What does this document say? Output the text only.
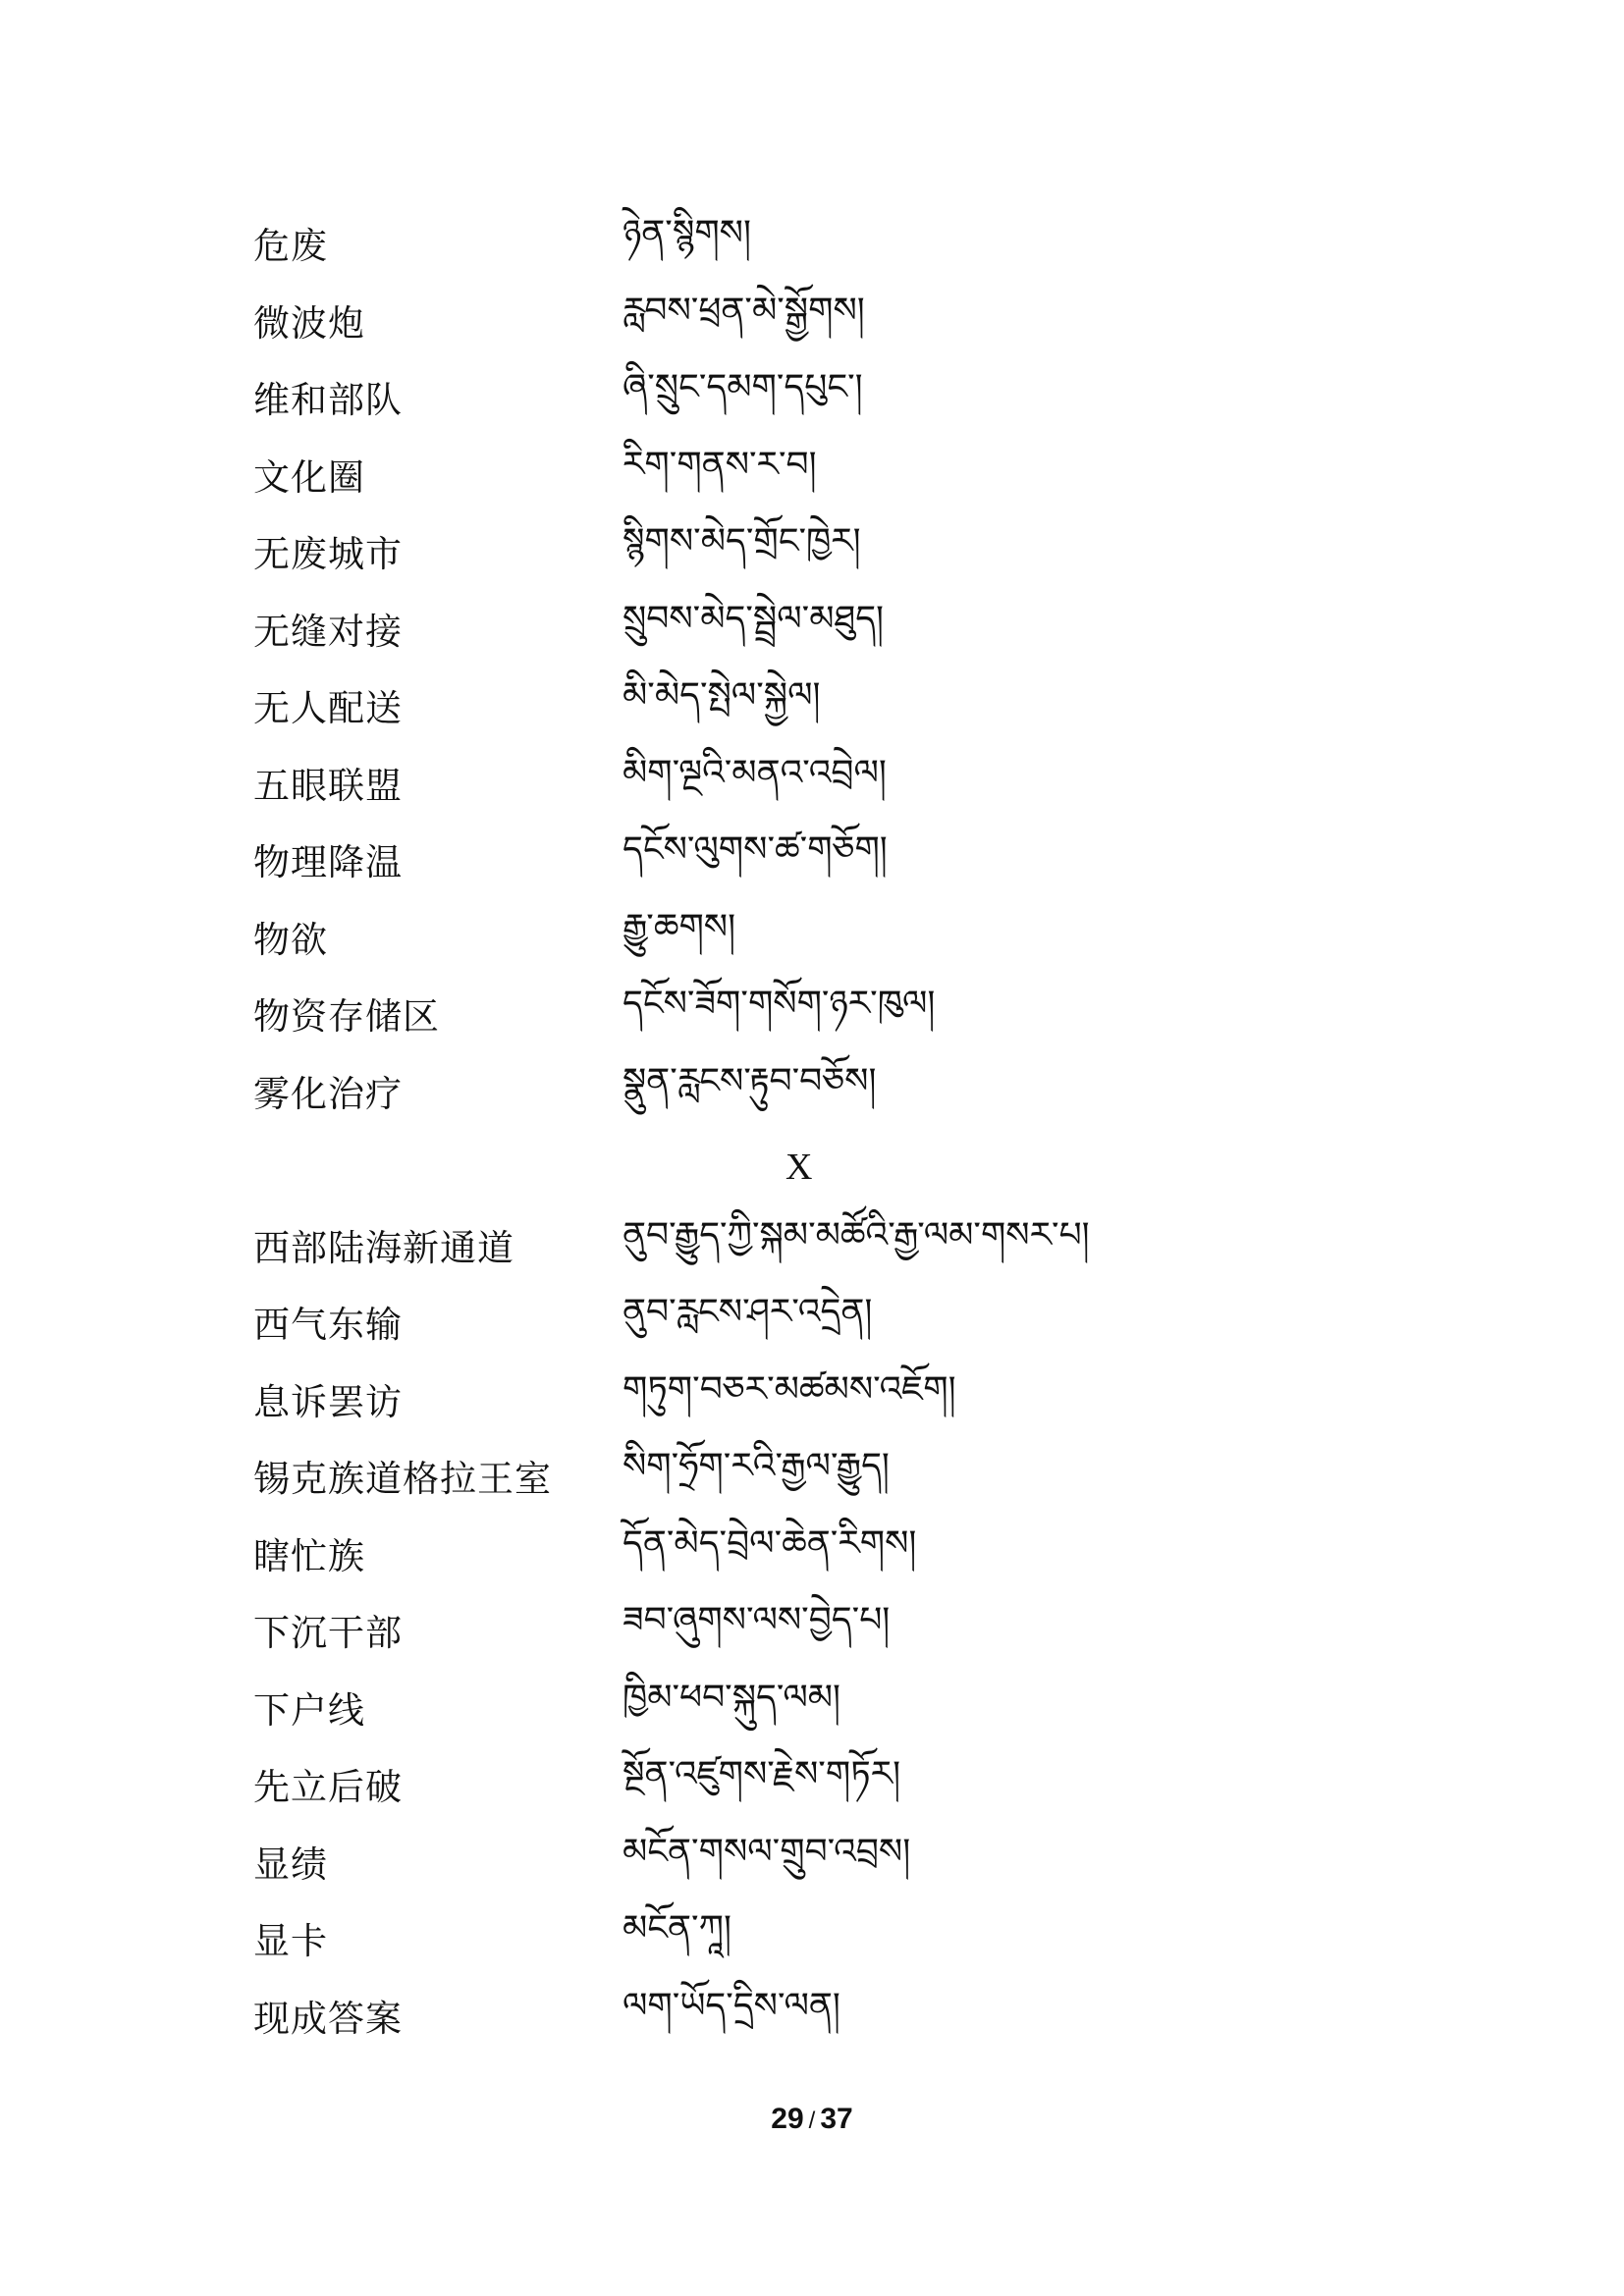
危废	ཉེན་སྙིགས།
微波炮	རླབས་ཕྲན་མེ་སྒྱོགས།
维和部队	ཞི་སྲུང་དམག་དཔུང་།
文化圈	རིག་གནས་ར་བ།
无废城市	སྙིགས་མེད་གྲོང་ཁྱེར།
无缝对接	སྲུབས་མེད་སྦྲེལ་མཐུད།
无人配送	མི་མེད་སྤེལ་སྐྱེལ།
五眼联盟	མིག་ལྔའི་མནའ་འབྲེལ།
物理降温	དངོས་ལུགས་ཚ་གཅོག།
物欲	རྒྱུ་ཆགས།
物资存储区	དངོས་ཟོག་གསོག་ཉར་ཁུལ།
雾化治疗	སྣུན་རླངས་རྟུབ་བཅོས།
X
西部陆海新通道	ནུབ་རྒྱུད་ཀྱི་སྐམ་མཚོའི་རྒྱ་ལམ་གསར་པ།
西气东输	ནུབ་རླངས་ཤར་འདྲེན།
息诉罢访	གཏུག་བཅར་མཚམས་འཇོག།
锡克族道格拉王室	སིག་ཧྲོག་རའི་རྒྱལ་རྒྱུད།
瞎忙族	དོན་མེད་བྲེལ་ཆེན་རིགས།
下沉干部	ཟབ་ཞུགས་ལས་བྱེད་པ།
下户线	ཁྱིམ་ཕབ་སྐུད་ལམ།
先立后破	སྔོན་འཛུགས་རྗེས་གཏོར།
显绩	མངོན་གསལ་གྲུབ་འབྲས།
显卡	མངོན་ཀཱ།
现成答案	ལག་ཡོད་དྲིས་ལན།
29 / 37
